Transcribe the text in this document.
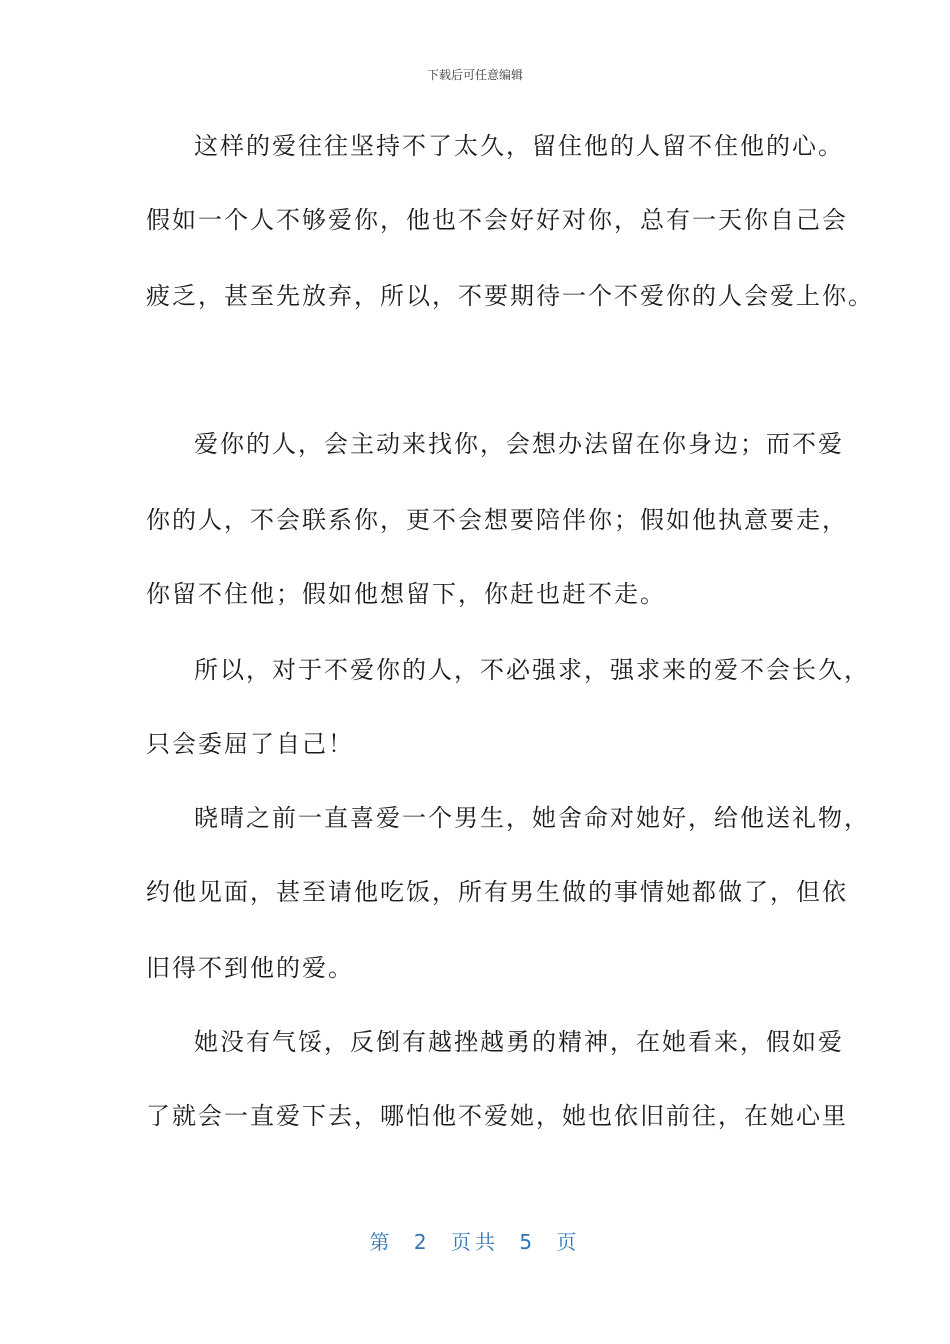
下载后可任意编辑
这样的爱往往坚持不了太久，留住他的人留不住他的心。
假如一个人不够爱你，他也不会好好对你，总有一天你自己会
疲乏，甚至先放弃，所以，不要期待一个不爱你的人会爱上你。
爱你的人，会主动来找你，会想办法留在你身边；而不爱
你的人，不会联系你，更不会想要陪伴你；假如他执意要走，
你留不住他；假如他想留下，你赶也赶不走。
所以，对于不爱你的人，不必强求，强求来的爱不会长久，
只会委屈了自己！
晓晴之前一直喜爱一个男生，她舍命对她好，给他送礼物，
约他见面，甚至请他吃饭，所有男生做的事情她都做了，但依
旧得不到他的爱。
她没有气馁，反倒有越挫越勇的精神，在她看来，假如爱
了就会一直爱下去，哪怕他不爱她，她也依旧前往，在她心里
第 2 页共 5 页
